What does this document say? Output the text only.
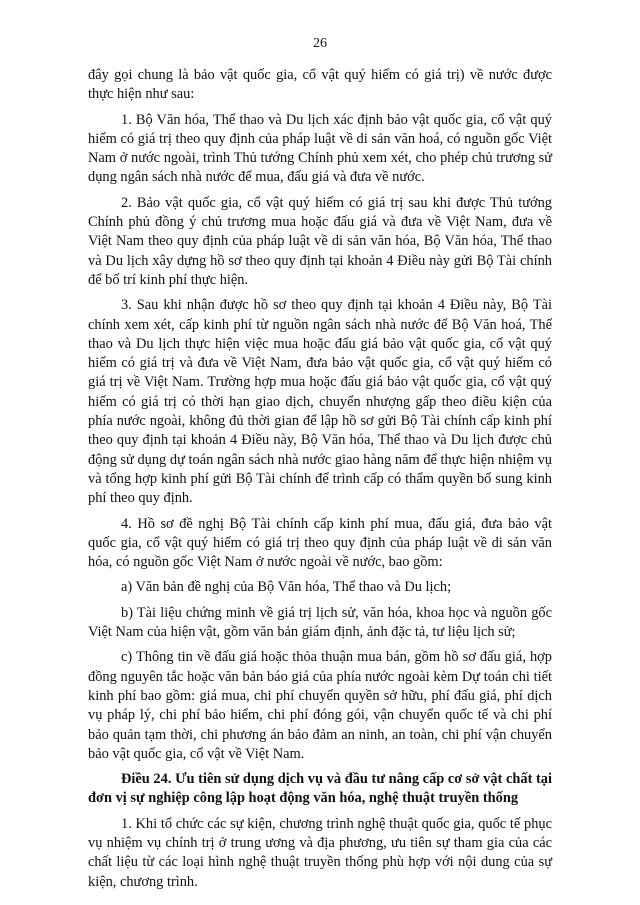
26

đây gọi chung là bảo vật quốc gia, cổ vật quý hiếm có giá trị) về nước được thực hiện như sau:

1. Bộ Văn hóa, Thể thao và Du lịch xác định bảo vật quốc gia, cổ vật quý hiếm có giá trị theo quy định của pháp luật về di sản văn hoá, có nguồn gốc Việt Nam ở nước ngoài, trình Thủ tướng Chính phủ xem xét, cho phép chủ trương sử dụng ngân sách nhà nước để mua, đấu giá và đưa về nước.

2. Bảo vật quốc gia, cổ vật quý hiếm có giá trị sau khi được Thủ tướng Chính phủ đồng ý chủ trương mua hoặc đấu giá và đưa về Việt Nam, đưa về Việt Nam theo quy định của pháp luật về di sản văn hóa, Bộ Văn hóa, Thể thao và Du lịch xây dựng hồ sơ theo quy định tại khoản 4 Điều này gửi Bộ Tài chính để bố trí kinh phí thực hiện.

3. Sau khi nhận được hồ sơ theo quy định tại khoản 4 Điều này, Bộ Tài chính xem xét, cấp kinh phí từ nguồn ngân sách nhà nước để Bộ Văn hoá, Thể thao và Du lịch thực hiện việc mua hoặc đấu giá bảo vật quốc gia, cổ vật quý hiếm có giá trị và đưa về Việt Nam, đưa bảo vật quốc gia, cổ vật quý hiếm có giá trị về Việt Nam. Trường hợp mua hoặc đấu giá bảo vật quốc gia, cổ vật quý hiếm có giá trị có thời hạn giao dịch, chuyển nhượng gấp theo điều kiện của phía nước ngoài, không đủ thời gian để lập hồ sơ gửi Bộ Tài chính cấp kinh phí theo quy định tại khoản 4 Điều này, Bộ Văn hóa, Thể thao và Du lịch được chủ động sử dụng dự toán ngân sách nhà nước giao hàng năm để thực hiện nhiệm vụ và tổng hợp kinh phí gửi Bộ Tài chính để trình cấp có thẩm quyền bổ sung kinh phí theo quy định.

4. Hồ sơ đề nghị Bộ Tài chính cấp kinh phí mua, đấu giá, đưa bảo vật quốc gia, cổ vật quý hiếm có giá trị theo quy định của pháp luật về di sản văn hóa, có nguồn gốc Việt Nam ở nước ngoài về nước, bao gồm:

a) Văn bản đề nghị của Bộ Văn hóa, Thể thao và Du lịch;

b) Tài liệu chứng minh về giá trị lịch sử, văn hóa, khoa học và nguồn gốc Việt Nam của hiện vật, gồm văn bản giám định, ảnh đặc tả, tư liệu lịch sử;

c) Thông tin về đấu giá hoặc thỏa thuận mua bán, gồm hồ sơ đấu giá, hợp đồng nguyên tắc hoặc văn bản báo giá của phía nước ngoài kèm Dự toán chi tiết kinh phí bao gồm: giá mua, chi phí chuyển quyền sở hữu, phí đấu giá, phí dịch vụ pháp lý, chi phí bảo hiểm, chi phí đóng gói, vận chuyển quốc tế và chi phí bảo quản tạm thời, chi phương án bảo đảm an ninh, an toàn, chi phí vận chuyển bảo vật quốc gia, cổ vật về Việt Nam.

Điều 24. Ưu tiên sử dụng dịch vụ và đầu tư nâng cấp cơ sở vật chất tại đơn vị sự nghiệp công lập hoạt động văn hóa, nghệ thuật truyền thống

1. Khi tổ chức các sự kiện, chương trình nghệ thuật quốc gia, quốc tế phục vụ nhiệm vụ chính trị ở trung ương và địa phương, ưu tiên sự tham gia của các chất liệu từ các loại hình nghệ thuật truyền thống phù hợp với nội dung của sự kiện, chương trình.
